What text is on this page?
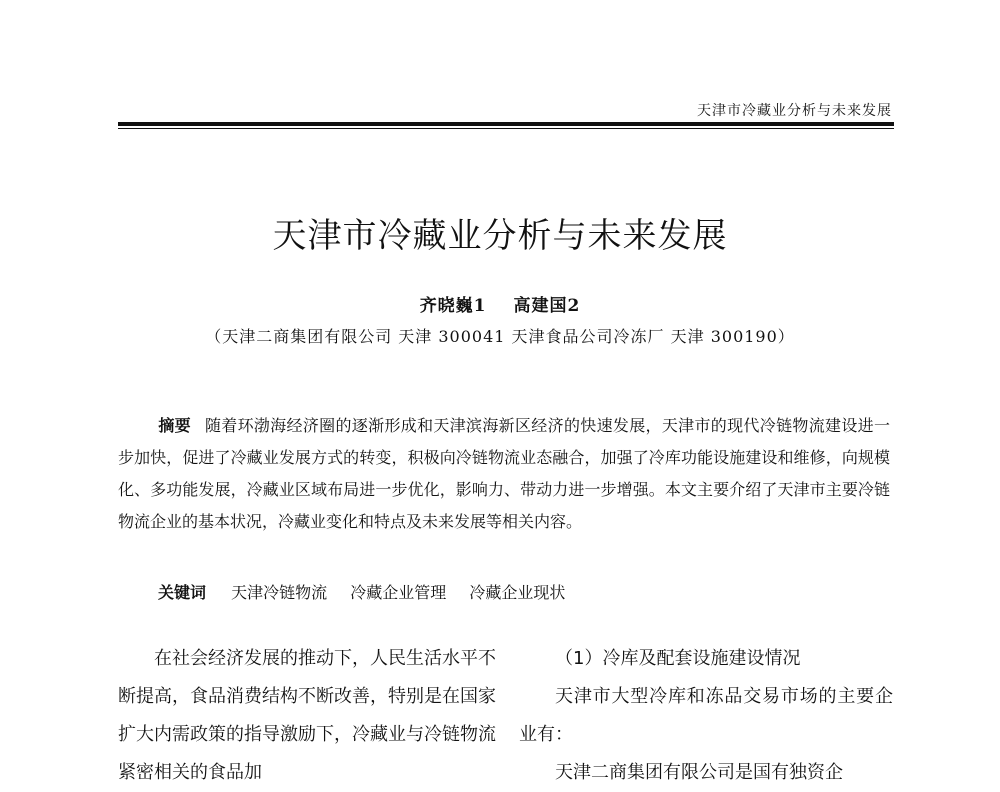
天津市冷藏业分析与未来发展
天津市冷藏业分析与未来发展
齐晓巍1 高建国2
（天津二商集团有限公司 天津 300041 天津食品公司冷冻厂 天津 300190）
摘要 随着环渤海经济圈的逐渐形成和天津滨海新区经济的快速发展，天津市的现代冷链物流建设进一步加快，促进了冷藏业发展方式的转变，积极向冷链物流业态融合，加强了冷库功能设施建设和维修，向规模化、多功能发展，冷藏业区域布局进一步优化，影响力、带动力进一步增强。本文主要介绍了天津市主要冷链物流企业的基本状况，冷藏业变化和特点及未来发展等相关内容。
关键词 天津冷链物流 冷藏企业管理 冷藏企业现状

在社会经济发展的推动下，人民生活水平不断提高，食品消费结构不断改善，特别是在国家扩大内需政策的指导激励下，冷藏业与冷链物流紧密相关的食品加

（1）冷库及配套设施建设情况

天津市大型冷库和冻品交易市场的主要企业有：

天津二商集团有限公司是国有独资企
